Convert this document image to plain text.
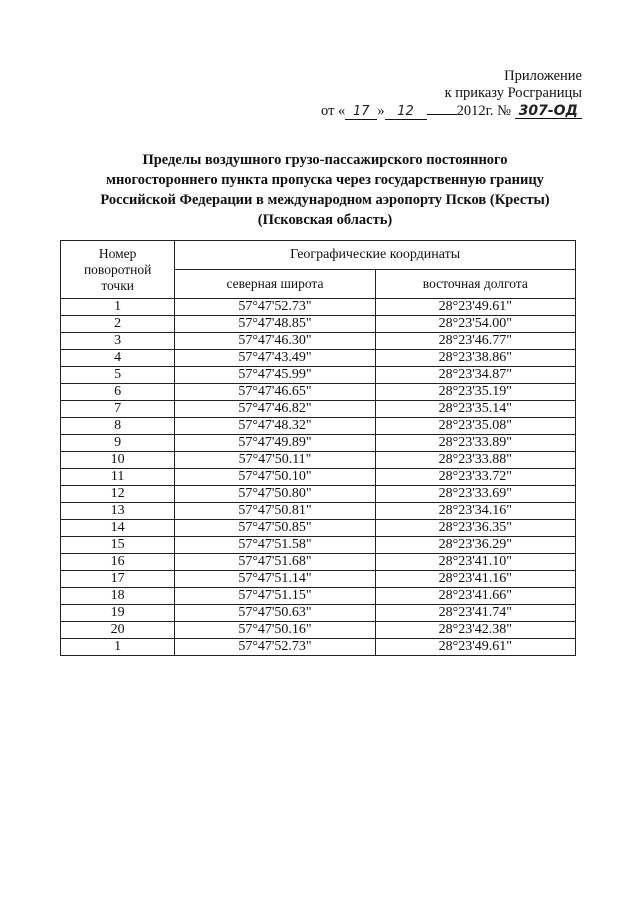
Приложение
к приказу Росграницы
от « 17 » 12	2012г. № 307-ОД
Пределы воздушного грузо-пассажирского постоянного
многостороннего пункта пропуска через государственную границу
Российской Федерации в международном аэропорту Псков (Кресты)
(Псковская область)
Номер
поворотной
точки	Географические координаты	
	северная широта	восточная долгота
1	57°47'52.73"	28°23'49.61"
2	57°47'48.85"	28°23'54.00"
3	57°47'46.30"	28°23'46.77"
4	57°47'43.49"	28°23'38.86"
5	57°47'45.99"	28°23'34.87"
6	57°47'46.65"	28°23'35.19"
7	57°47'46.82"	28°23'35.14"
8	57°47'48.32"	28°23'35.08"
9	57°47'49.89"	28°23'33.89"
10	57°47'50.11"	28°23'33.88"
11	57°47'50.10"	28°23'33.72"
12	57°47'50.80"	28°23'33.69"
13	57°47'50.81"	28°23'34.16"
14	57°47'50.85"	28°23'36.35"
15	57°47'51.58"	28°23'36.29"
16	57°47'51.68"	28°23'41.10"
17	57°47'51.14"	28°23'41.16"
18	57°47'51.15"	28°23'41.66"
19	57°47'50.63"	28°23'41.74"
20	57°47'50.16"	28°23'42.38"
1	57°47'52.73"	28°23'49.61"
